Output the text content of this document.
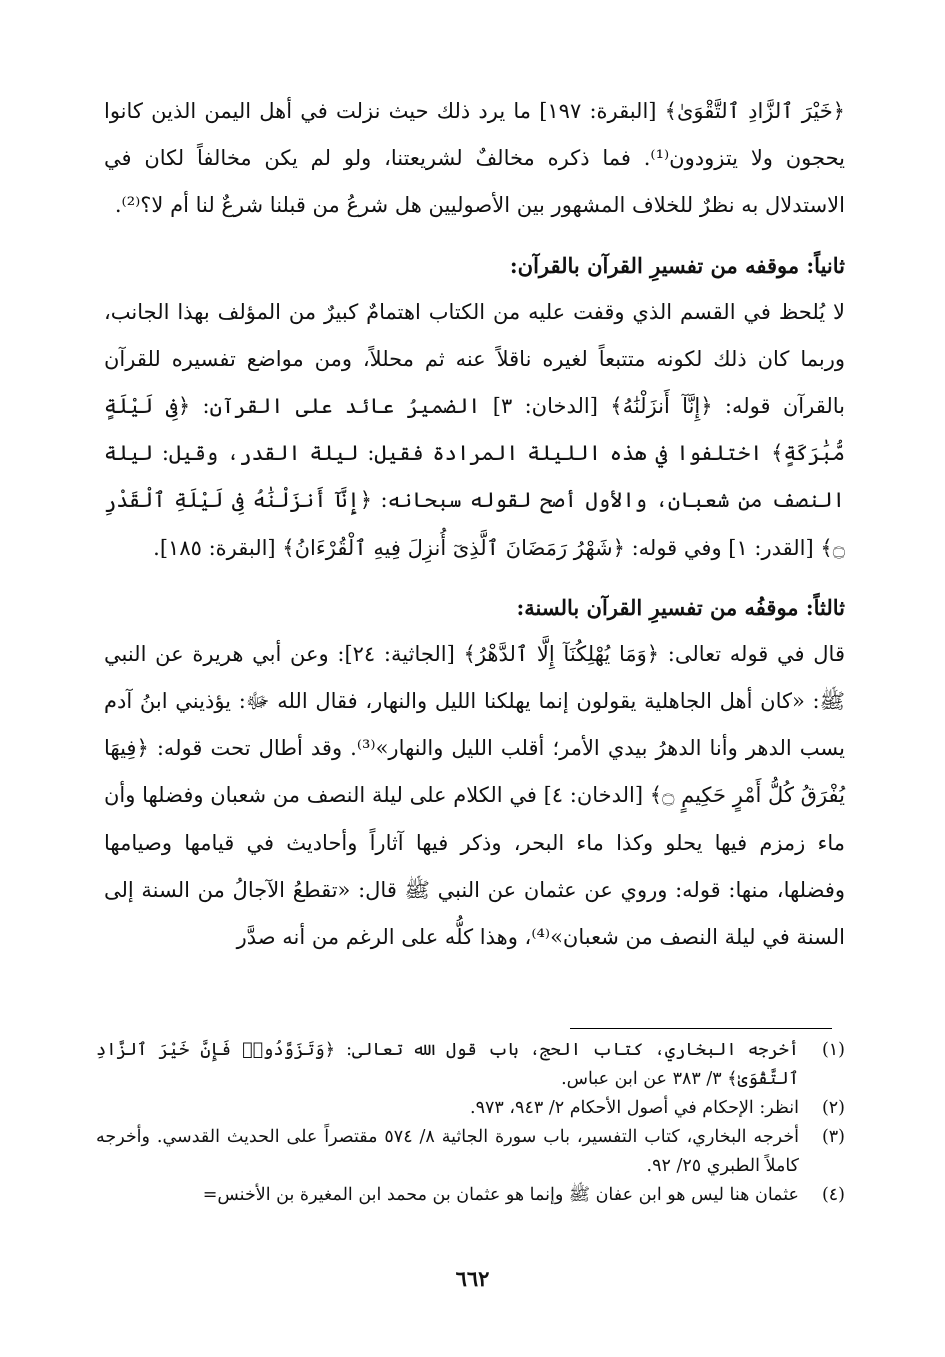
﴿خَيْرَ ٱلزَّادِ ٱلتَّقْوَىٰ﴾ [البقرة: ١٩٧] ما يرد ذلك حيث نزلت في أهل اليمن الذين كانوا يحجون ولا يتزودون⁽¹⁾. فما ذكره مخالفٌ لشريعتنا، ولو لم يكن مخالفاً لكان في الاستدلال به نظرٌ للخلاف المشهور بين الأصوليين هل شرعُ من قبلنا شرعٌ لنا أم لا؟⁽²⁾.

ثانياً: موقفه من تفسيرِ القرآن بالقرآن:

لا يُلحظ في القسم الذي وقفت عليه من الكتاب اهتمامٌ كبيرٌ من المؤلف بهذا الجانب، وربما كان ذلك لكونه متتبعاً لغيره ناقلاً عنه ثم محللاً، ومن مواضع تفسيره للقرآن بالقرآن قوله: ﴿إِنَّآ أَنزَلْنَٰهُ﴾ [الدخان: ٣] الضميرُ عائد على القرآن: ﴿فِى لَيْلَةٍ مُّبَٰرَكَةٍ﴾ اختلفوا في هذه الليلة المرادة فقيل: ليلة القدر، وقيل: ليلة النصف من شعبان، والأول أصح لقوله سبحانه: ﴿إِنَّآ أَنزَلْنَٰهُ فِى لَيْلَةِ ٱلْقَدْرِ ۝﴾ [القدر: ١] وفي قوله: ﴿شَهْرُ رَمَضَانَ ٱلَّذِىٓ أُنزِلَ فِيهِ ٱلْقُرْءَانُ﴾ [البقرة: ١٨٥].

ثالثاً: موقفُه من تفسيرِ القرآن بالسنة:

قال في قوله تعالى: ﴿وَمَا يُهْلِكُنَآ إِلَّا ٱلدَّهْرُ﴾ [الجاثية: ٢٤]: وعن أبي هريرة عن النبي ﷺ: «كان أهل الجاهلية يقولون إنما يهلكنا الليل والنهار، فقال الله ﷻ: يؤذيني ابنُ آدم يسب الدهر وأنا الدهرُ بيدي الأمر؛ أقلب الليل والنهار»⁽³⁾. وقد أطال تحت قوله: ﴿فِيهَا يُفْرَقُ كُلُّ أَمْرٍ حَكِيمٍ ۝﴾ [الدخان: ٤] في الكلام على ليلة النصف من شعبان وفضلها وأن ماء زمزم فيها يحلو وكذا ماء البحر، وذكر فيها آثاراً وأحاديث في قيامها وصيامها وفضلها، منها: قوله: وروي عن عثمان عن النبي ﷺ قال: «تقطعُ الآجالُ من السنة إلى السنة في ليلة النصف من شعبان»⁽⁴⁾، وهذا كلُّه على الرغم من أنه صدَّر

(١)
أخرجه البخاري، كتاب الحج، باب قول الله تعالى: ﴿وَتَزَوَّدُوا۟ فَإِنَّ خَيْرَ ٱلزَّادِ ٱلتَّقْوَىٰ﴾ ٣/ ٣٨٣ عن ابن عباس.
(٢)
انظر: الإحكام في أصول الأحكام ٢/ ٩٤٣، ٩٧٣.
(٣)
أخرجه البخاري، كتاب التفسير، باب سورة الجاثية ٨/ ٥٧٤ مقتصراً على الحديث القدسي. وأخرجه كاملاً الطبري ٢٥/ ٩٢.
(٤)
عثمان هنا ليس هو ابن عفان ﷺ وإنما هو عثمان بن محمد ابن المغيرة بن الأخنس=
٦٦٢
